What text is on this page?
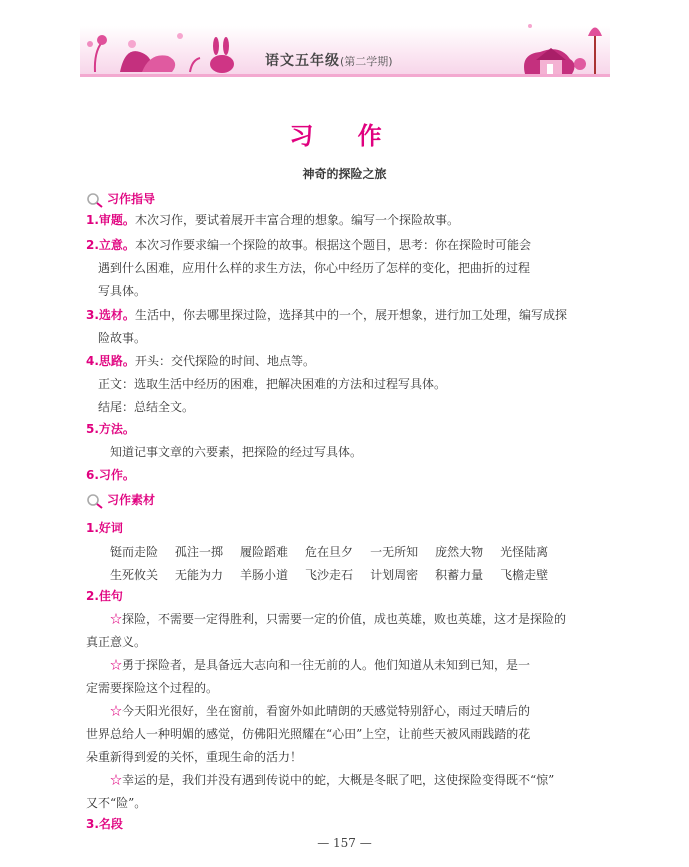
语文五年级(第二学期)
习 作
神奇的探险之旅
习作指导
1.审题。木次习作，要试着展开丰富合理的想象。编写一个探险故事。
2.立意。本次习作要求编一个探险的故事。根据这个题目，思考：你在探险时可能会
遇到什么困难，应用什么样的求生方法，你心中经历了怎样的变化，把曲折的过程
写具体。
3.选材。生活中，你去哪里探过险，选择其中的一个，展开想象，进行加工处理，编写成探
险故事。
4.思路。开头：交代探险的时间、地点等。
正文：选取生活中经历的困难，把解决困难的方法和过程写具体。
结尾：总结全文。
5.方法。
知道记事文章的六要素，把探险的经过写具体。
6.习作。
习作素材
1.好词
铤而走险 孤注一掷 履险蹈难 危在旦夕 一无所知 庞然大物 光怪陆离
生死攸关 无能为力 羊肠小道 飞沙走石 计划周密 积蓄力量 飞檐走壁
2.佳句
☆探险，不需要一定得胜利，只需要一定的价值，成也英雄，败也英雄，这才是探险的
真正意义。
☆勇于探险者，是具备远大志向和一往无前的人。他们知道从未知到已知，是一
定需要探险这个过程的。
☆今天阳光很好，坐在窗前，看窗外如此晴朗的天感觉特别舒心，雨过天晴后的
世界总给人一种明媚的感觉，仿佛阳光照耀在“心田”上空，让前些天被风雨践踏的花
朵重新得到爱的关怀，重现生命的活力！
☆幸运的是，我们并没有遇到传说中的蛇，大概是冬眠了吧，这使探险变得既不“惊”
又不“险”。
3.名段
— 157 —
